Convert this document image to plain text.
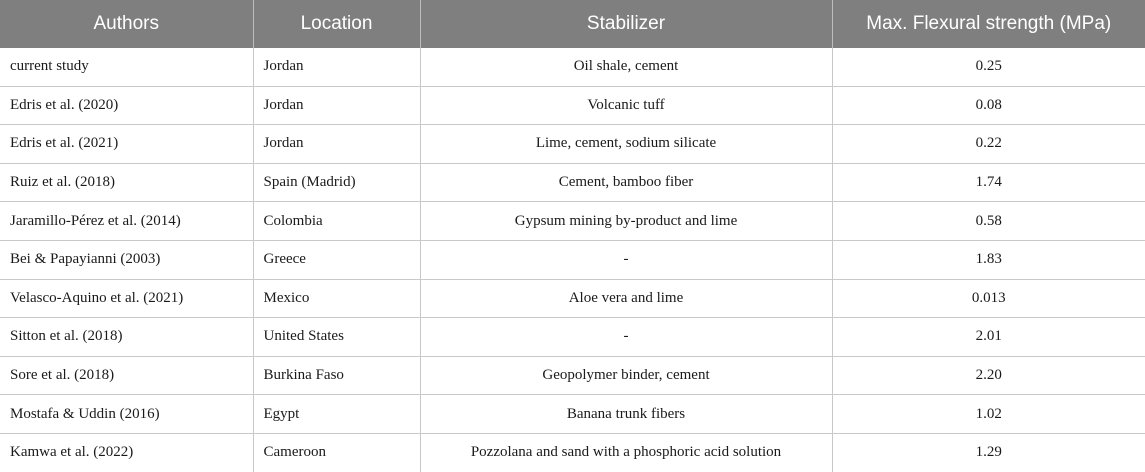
Authors	Location	Stabilizer	Max. Flexural strength (MPa)
current study	Jordan	Oil shale, cement	0.25
Edris et al. (2020)	Jordan	Volcanic tuff	0.08
Edris et al. (2021)	Jordan	Lime, cement, sodium silicate	0.22
Ruiz et al. (2018)	Spain (Madrid)	Cement, bamboo fiber	1.74
Jaramillo-Pérez et al. (2014)	Colombia	Gypsum mining by-product and lime	0.58
Bei & Papayianni (2003)	Greece	-	1.83
Velasco-Aquino et al. (2021)	Mexico	Aloe vera and lime	0.013
Sitton et al. (2018)	United States	-	2.01
Sore et al. (2018)	Burkina Faso	Geopolymer binder, cement	2.20
Mostafa & Uddin (2016)	Egypt	Banana trunk fibers	1.02
Kamwa et al. (2022)	Cameroon	Pozzolana and sand with a phosphoric acid solution	1.29
